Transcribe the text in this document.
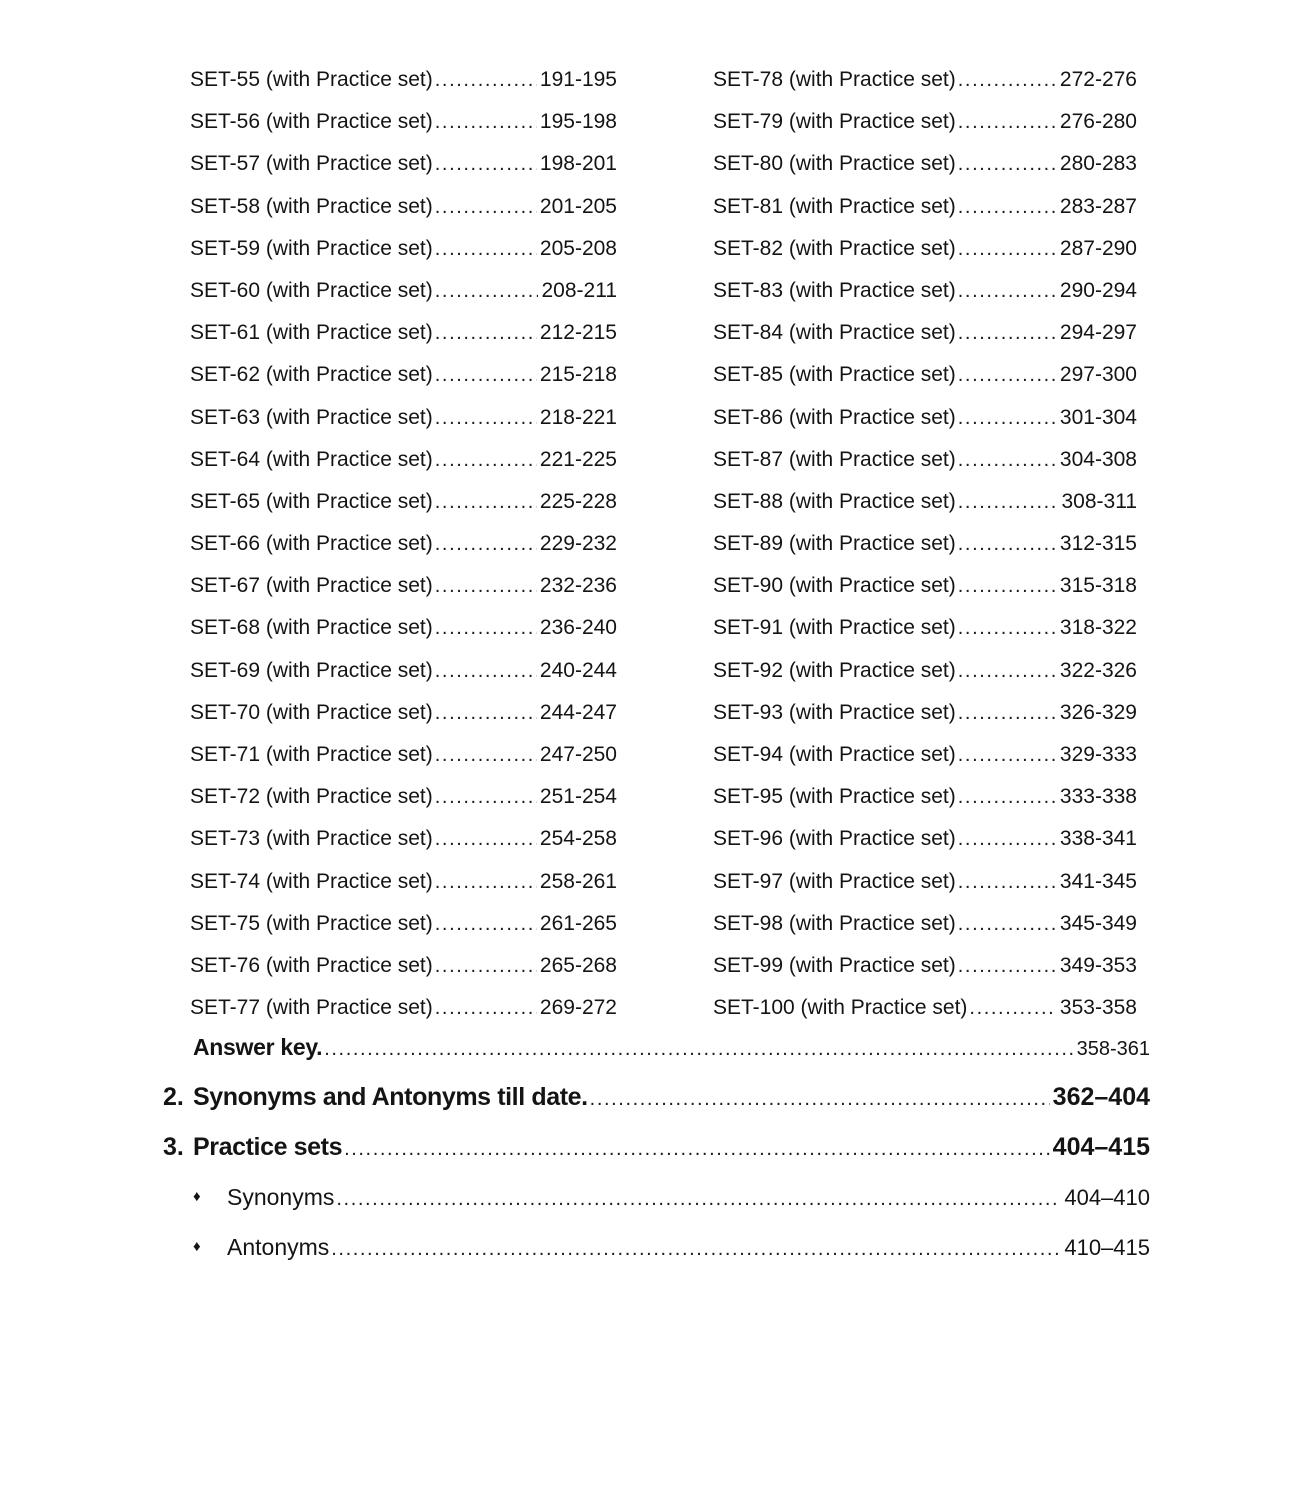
SET-55 (with Practice set) .....	191-195
SET-56 (with Practice set) .....	195-198
SET-57 (with Practice set) .....	198-201
SET-58 (with Practice set) .....	201-205
SET-59 (with Practice set) .....	205-208
SET-60 (with Practice set) .....	208-211
SET-61 (with Practice set) .....	212-215
SET-62 (with Practice set) .....	215-218
SET-63 (with Practice set) .....	218-221
SET-64 (with Practice set) .....	221-225
SET-65 (with Practice set) .....	225-228
SET-66 (with Practice set) .....	229-232
SET-67 (with Practice set) .....	232-236
SET-68 (with Practice set) .....	236-240
SET-69 (with Practice set) .....	240-244
SET-70 (with Practice set) .....	244-247
SET-71 (with Practice set) .....	247-250
SET-72 (with Practice set) .....	251-254
SET-73 (with Practice set) .....	254-258
SET-74 (with Practice set) .....	258-261
SET-75 (with Practice set) .....	261-265
SET-76 (with Practice set) .....	265-268
SET-77 (with Practice set) .....	269-272
SET-78 (with Practice set) .....	272-276
SET-79 (with Practice set) .....	276-280
SET-80 (with Practice set) .....	280-283
SET-81 (with Practice set) .....	283-287
SET-82 (with Practice set) .....	287-290
SET-83 (with Practice set) .....	290-294
SET-84 (with Practice set) .....	294-297
SET-85 (with Practice set) .....	297-300
SET-86 (with Practice set) .....	301-304
SET-87 (with Practice set) .....	304-308
SET-88 (with Practice set) .....	308-311
SET-89 (with Practice set) .....	312-315
SET-90 (with Practice set) .....	315-318
SET-91 (with Practice set) .....	318-322
SET-92 (with Practice set) .....	322-326
SET-93 (with Practice set) .....	326-329
SET-94 (with Practice set) .....	329-333
SET-95 (with Practice set) .....	333-338
SET-96 (with Practice set) .....	338-341
SET-97 (with Practice set) .....	341-345
SET-98 (with Practice set) .....	345-349
SET-99 (with Practice set) .....	349-353
SET-100 (with Practice set) .....	353-358
Answer key. .....	358-361
2. Synonyms and Antonyms till date. .....	362–404
3. Practice sets .....	404–415
♦	Synonyms .....	404–410
♦	Antonyms .....	410–415
